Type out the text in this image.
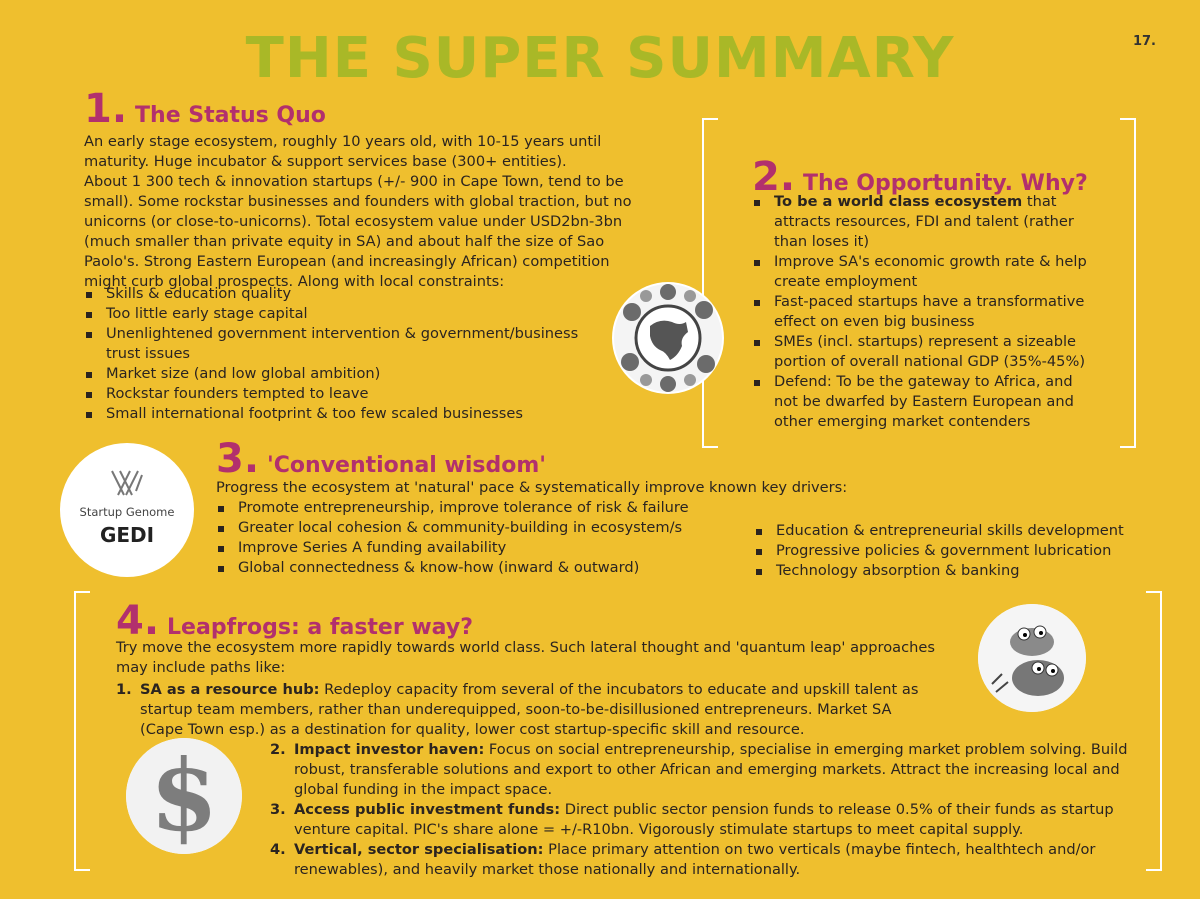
THE SUPER SUMMARY	17.
1. The Status Quo
An early stage ecosystem, roughly 10 years old, with 10-15 years until
maturity. Huge incubator & support services base (300+ entities).
About 1 300 tech & innovation startups (+/- 900 in Cape Town, tend to be
small). Some rockstar businesses and founders with global traction, but no
unicorns (or close-to-unicorns). Total ecosystem value under USD2bn-3bn
(much smaller than private equity in SA) and about half the size of Sao
Paolo's. Strong Eastern European (and increasingly African) competition
might curb global prospects. Along with local constraints:
Skills & education quality
Too little early stage capital
Unenlightened government intervention & government/business
trust issues
Market size (and low global ambition)
Rockstar founders tempted to leave
Small international footprint & too few scaled businesses
2. The Opportunity. Why?
To be a world class ecosystem that
attracts resources, FDI and talent (rather
than loses it)
Improve SA's economic growth rate & help
create employment
Fast-paced startups have a transformative
effect on even big business
SMEs (incl. startups) represent a sizeable
portion of overall national GDP (35%-45%)
Defend: To be the gateway to Africa, and
not be dwarfed by Eastern European and
other emerging market contenders
Startup Genome
GEDI
3. 'Conventional wisdom'
Progress the ecosystem at 'natural' pace & systematically improve known key drivers:
Promote entrepreneurship, improve tolerance of risk & failure
Greater local cohesion & community-building in ecosystem/s
Improve Series A funding availability
Global connectedness & know-how (inward & outward)
Education & entrepreneurial skills development
Progressive policies & government lubrication
Technology absorption & banking
$
4. Leapfrogs: a faster way?
Try move the ecosystem more rapidly towards world class. Such lateral thought and 'quantum leap' approaches
may include paths like:
1. SA as a resource hub: Redeploy capacity from several of the incubators to educate and upskill talent as
startup team members, rather than underequipped, soon-to-be-disillusioned entrepreneurs. Market SA
(Cape Town esp.) as a destination for quality, lower cost startup-specific skill and resource.
2. Impact investor haven: Focus on social entrepreneurship, specialise in emerging market problem solving. Build
robust, transferable solutions and export to other African and emerging markets. Attract the increasing local and
global funding in the impact space.
3. Access public investment funds: Direct public sector pension funds to release 0.5% of their funds as startup
venture capital. PIC's share alone = +/-R10bn. Vigorously stimulate startups to meet capital supply.
4. Vertical, sector specialisation: Place primary attention on two verticals (maybe fintech, healthtech and/or
renewables), and heavily market those nationally and internationally.
